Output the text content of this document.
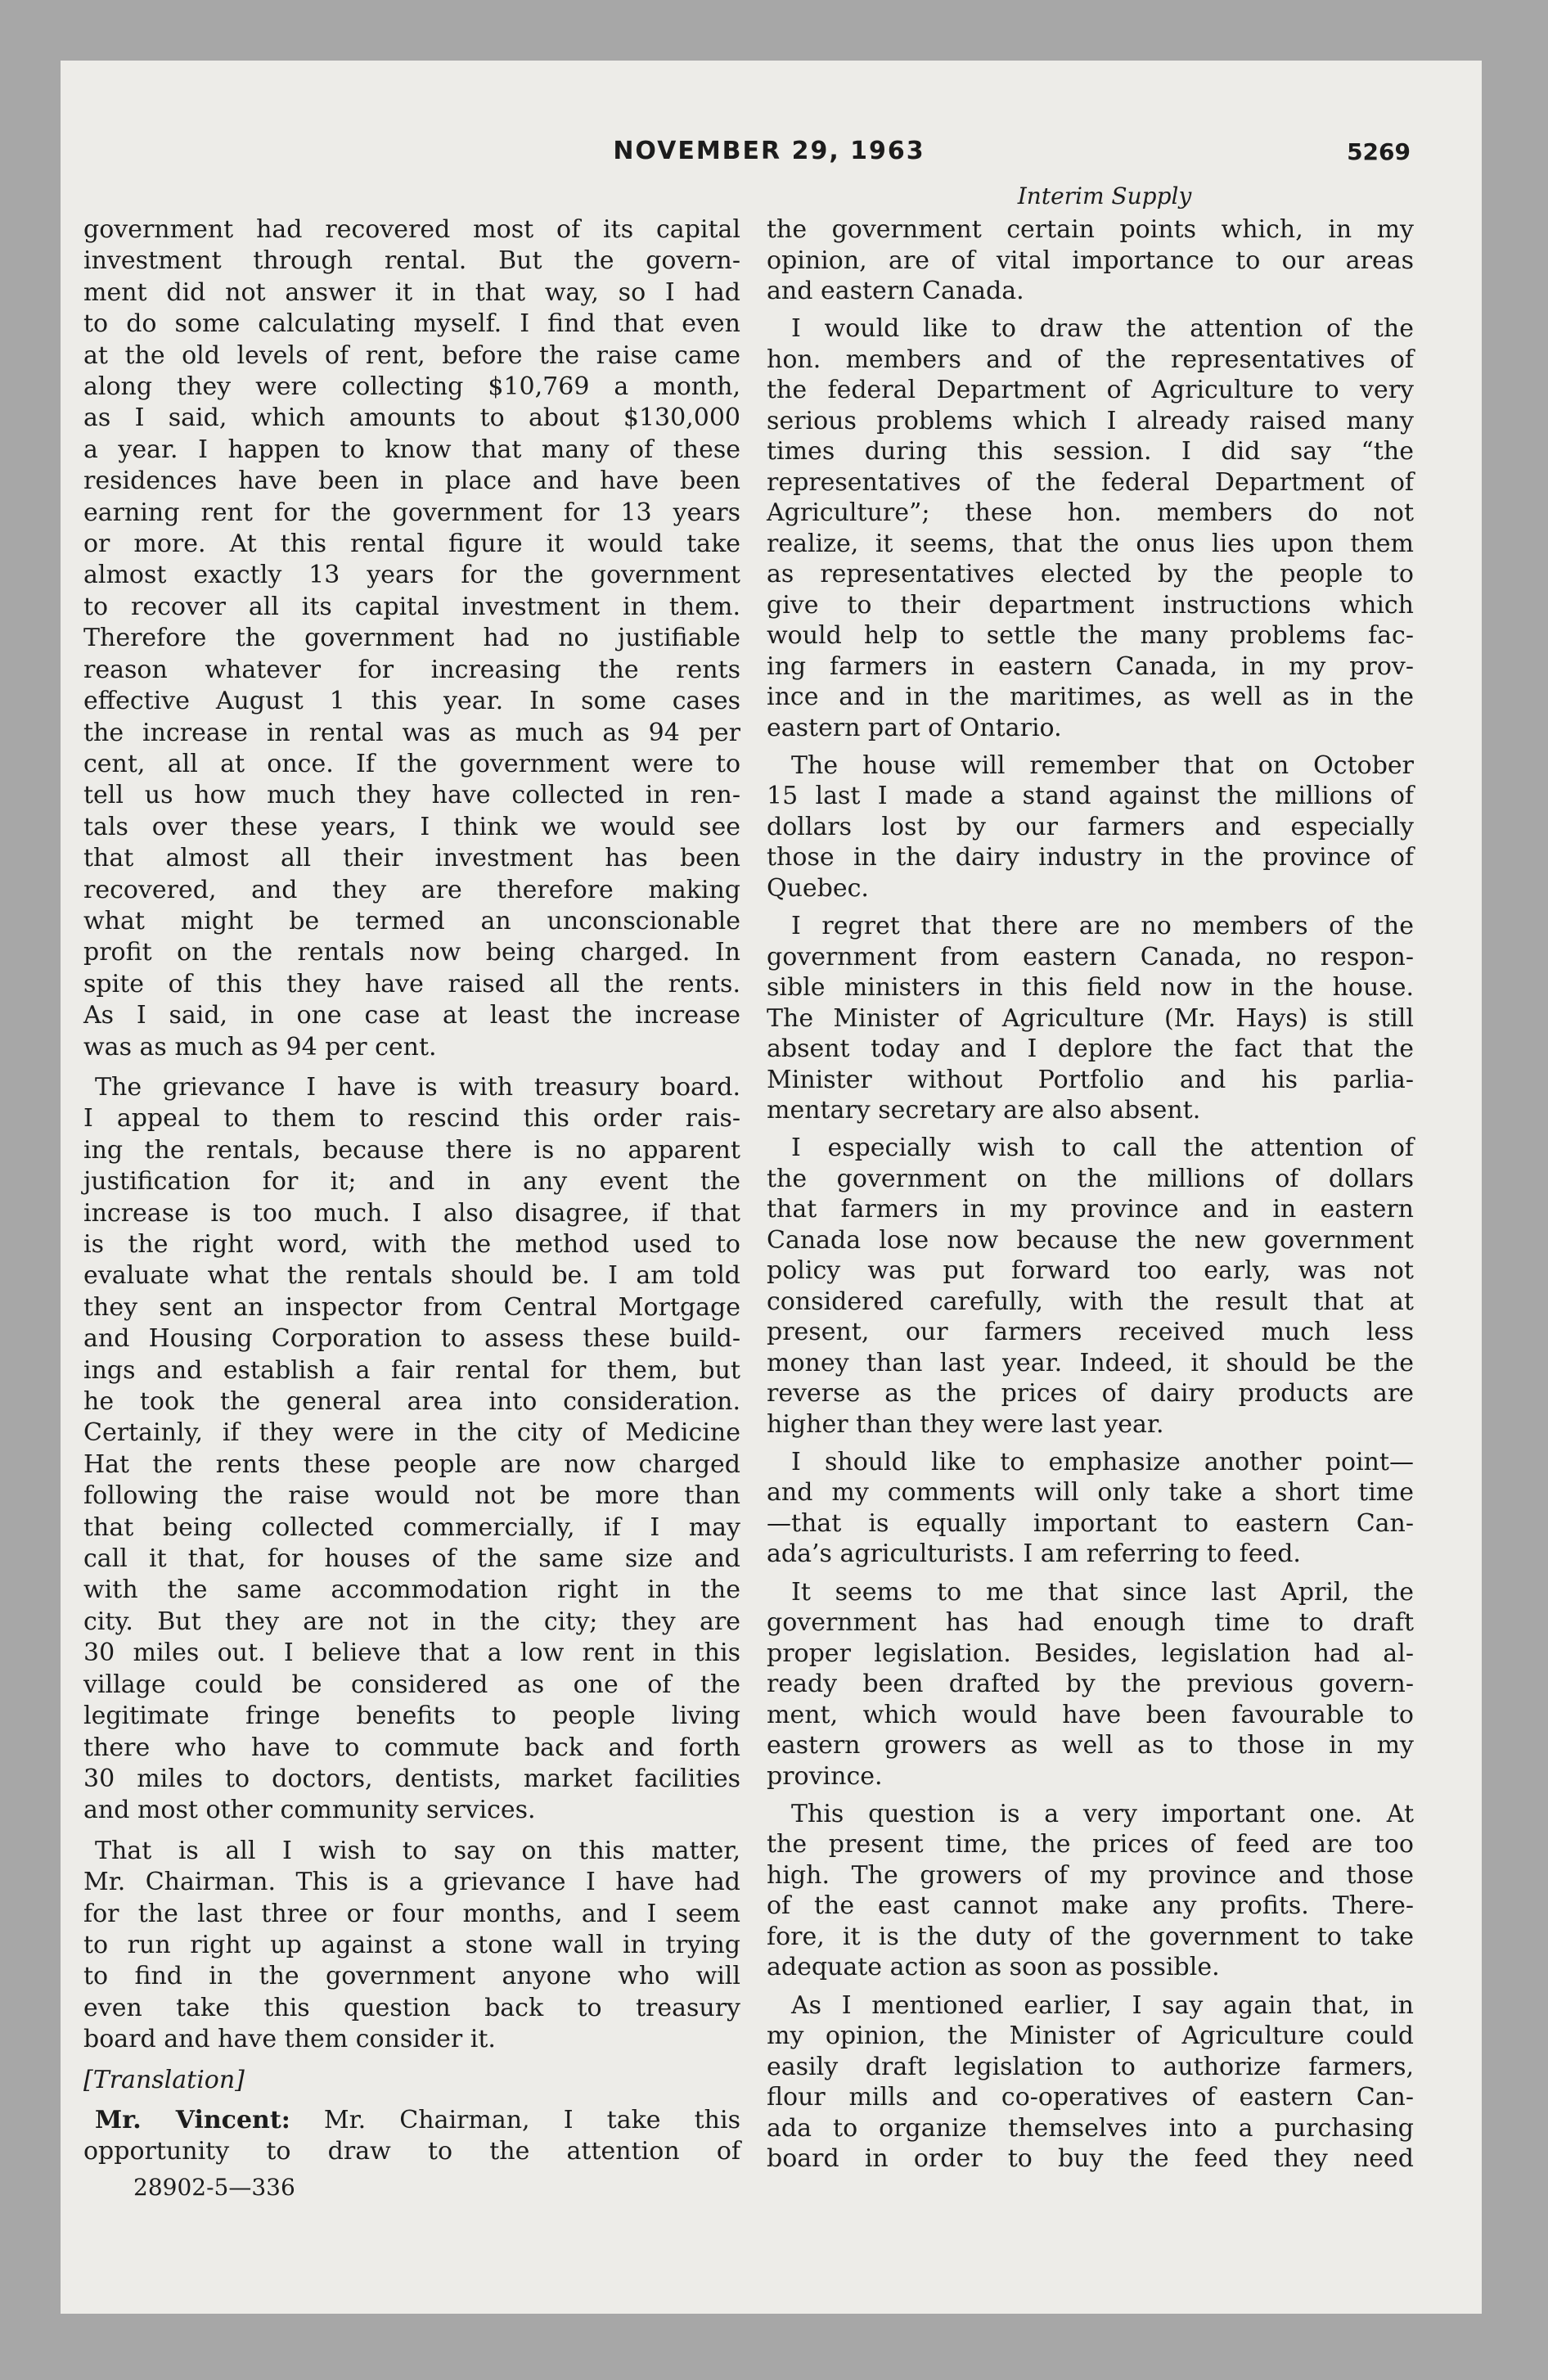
NOVEMBER 29, 1963	5269
Interim Supply
government had recovered most of its capital
investment through rental. But the govern-
ment did not answer it in that way, so I had
to do some calculating myself. I find that even
at the old levels of rent, before the raise came
along they were collecting $10,769 a month,
as I said, which amounts to about $130,000
a year. I happen to know that many of these
residences have been in place and have been
earning rent for the government for 13 years
or more. At this rental figure it would take
almost exactly 13 years for the government
to recover all its capital investment in them.
Therefore the government had no justifiable
reason whatever for increasing the rents
effective August 1 this year. In some cases
the increase in rental was as much as 94 per
cent, all at once. If the government were to
tell us how much they have collected in ren-
tals over these years, I think we would see
that almost all their investment has been
recovered, and they are therefore making
what might be termed an unconscionable
profit on the rentals now being charged. In
spite of this they have raised all the rents.
As I said, in one case at least the increase
was as much as 94 per cent.
The grievance I have is with treasury board.
I appeal to them to rescind this order rais-
ing the rentals, because there is no apparent
justification for it; and in any event the
increase is too much. I also disagree, if that
is the right word, with the method used to
evaluate what the rentals should be. I am told
they sent an inspector from Central Mortgage
and Housing Corporation to assess these build-
ings and establish a fair rental for them, but
he took the general area into consideration.
Certainly, if they were in the city of Medicine
Hat the rents these people are now charged
following the raise would not be more than
that being collected commercially, if I may
call it that, for houses of the same size and
with the same accommodation right in the
city. But they are not in the city; they are
30 miles out. I believe that a low rent in this
village could be considered as one of the
legitimate fringe benefits to people living
there who have to commute back and forth
30 miles to doctors, dentists, market facilities
and most other community services.
That is all I wish to say on this matter,
Mr. Chairman. This is a grievance I have had
for the last three or four months, and I seem
to run right up against a stone wall in trying
to find in the government anyone who will
even take this question back to treasury
board and have them consider it.
[Translation]
Mr. Vincent: Mr. Chairman, I take this
opportunity to draw to the attention of
the government certain points which, in my
opinion, are of vital importance to our areas
and eastern Canada.
I would like to draw the attention of the
hon. members and of the representatives of
the federal Department of Agriculture to very
serious problems which I already raised many
times during this session. I did say “the
representatives of the federal Department of
Agriculture”; these hon. members do not
realize, it seems, that the onus lies upon them
as representatives elected by the people to
give to their department instructions which
would help to settle the many problems fac-
ing farmers in eastern Canada, in my prov-
ince and in the maritimes, as well as in the
eastern part of Ontario.
The house will remember that on October
15 last I made a stand against the millions of
dollars lost by our farmers and especially
those in the dairy industry in the province of
Quebec.
I regret that there are no members of the
government from eastern Canada, no respon-
sible ministers in this field now in the house.
The Minister of Agriculture (Mr. Hays) is still
absent today and I deplore the fact that the
Minister without Portfolio and his parlia-
mentary secretary are also absent.
I especially wish to call the attention of
the government on the millions of dollars
that farmers in my province and in eastern
Canada lose now because the new government
policy was put forward too early, was not
considered carefully, with the result that at
present, our farmers received much less
money than last year. Indeed, it should be the
reverse as the prices of dairy products are
higher than they were last year.
I should like to emphasize another point—
and my comments will only take a short time
—that is equally important to eastern Can-
ada’s agriculturists. I am referring to feed.
It seems to me that since last April, the
government has had enough time to draft
proper legislation. Besides, legislation had al-
ready been drafted by the previous govern-
ment, which would have been favourable to
eastern growers as well as to those in my
province.
This question is a very important one. At
the present time, the prices of feed are too
high. The growers of my province and those
of the east cannot make any profits. There-
fore, it is the duty of the government to take
adequate action as soon as possible.
As I mentioned earlier, I say again that, in
my opinion, the Minister of Agriculture could
easily draft legislation to authorize farmers,
flour mills and co-operatives of eastern Can-
ada to organize themselves into a purchasing
board in order to buy the feed they need
28902-5—336
